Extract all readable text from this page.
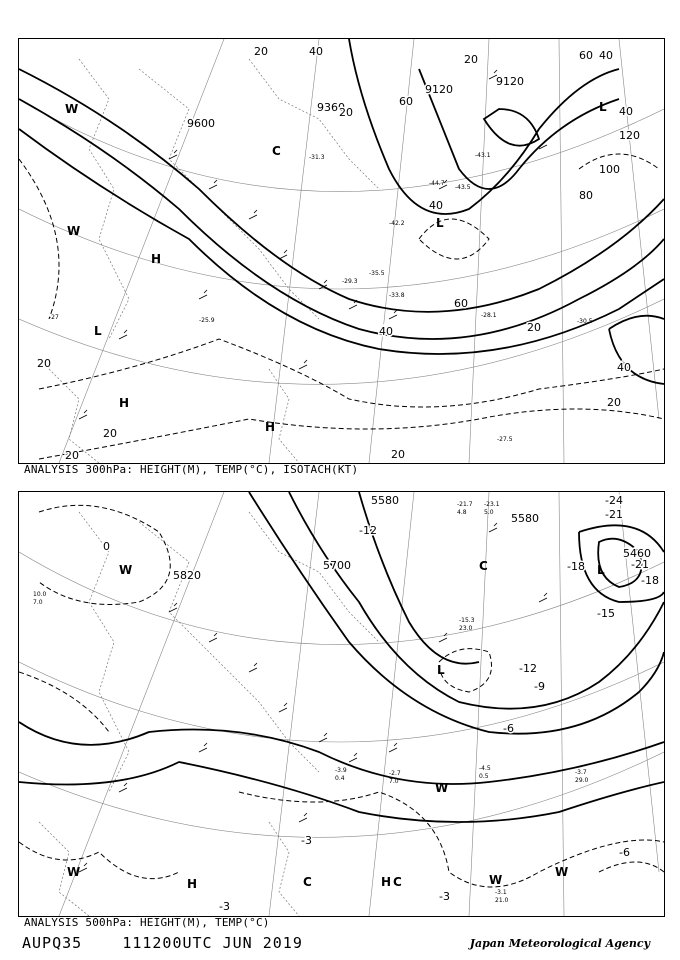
9600
9360
9120
9120
20
20
20	20
20
20
20
20
40	40
40
40
40
40
60
60
60
80
100
120
20
-27	-28.1
-30.5
-27.5
-29.3
-25.9
-42.2
-43.5
-43.1
-35.5
-33.8
-44.7
-31.3
H
H
H
L
L
L
W
W
C
ANALYSIS 300hPa: HEIGHT(M), TEMP(°C), ISOTACH(KT)
5580
5580
5820
5700
5460
-24
-21
-18
-15
-12
-12
-9
-6
-6
-3
-3
-3
0
-18	-21
-21.7
4.8
-23.1
5.0
-15.3
23.0
-2.7
7.0
-4.5
0.5
-3.7
29.0
-3.1
21.0
-3.9
0.4
10.0
7.0
H	H
L
L
C
C	C
W
W
W
W
W
ANALYSIS 500hPa: HEIGHT(M), TEMP(°C)
AUPQ35	111200UTC JUN 2019	Japan Meteorological Agency
